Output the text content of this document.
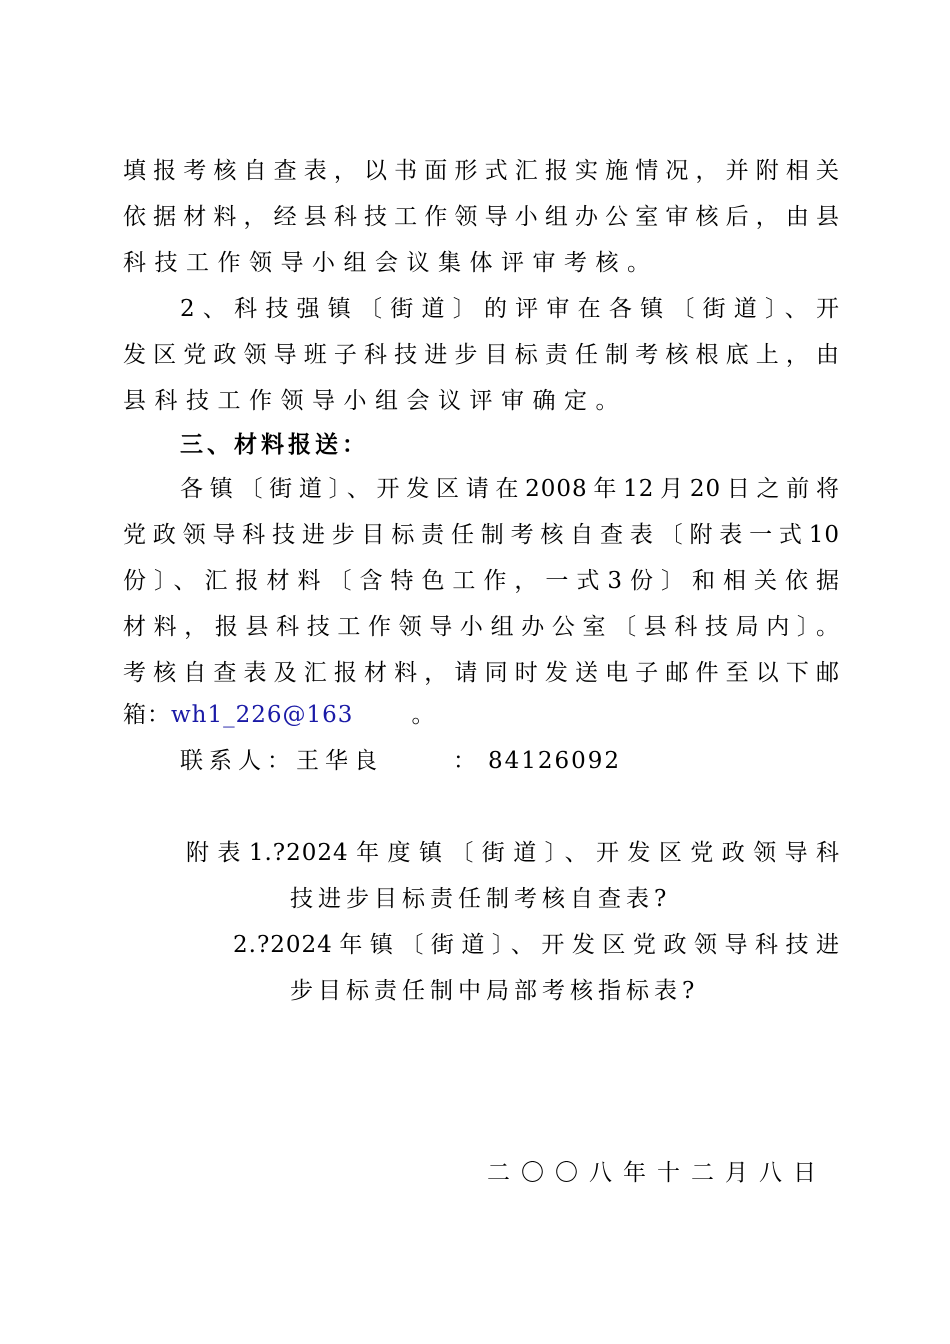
填报考核自查表，以书面形式汇报实施情况，并附相关
依据材料，经县科技工作领导小组办公室审核后，由县
科技工作领导小组会议集体评审考核。
2、科技强镇〔街道〕的评审在各镇〔街道〕、开
发区党政领导班子科技进步目标责任制考核根底上，由
县科技工作领导小组会议评审确定。
三、材料报送：
各镇〔街道〕、开发区请在2008年12月20日之前将
党政领导科技进步目标责任制考核自查表〔附表一式10
份〕、汇报材料〔含特色工作，一式3份〕和相关依据
材料，报县科技工作领导小组办公室〔县科技局内〕。
考核自查表及汇报材料，请同时发送电子邮件至以下邮
箱：wh1_226@163	。
联系人：王华良	： 84126092
附表1.?2024年度镇〔街道〕、开发区党政领导科
技进步目标责任制考核自查表?
2.?2024年镇〔街道〕、开发区党政领导科技进
步目标责任制中局部考核指标表?
二〇〇八年十二月八日
